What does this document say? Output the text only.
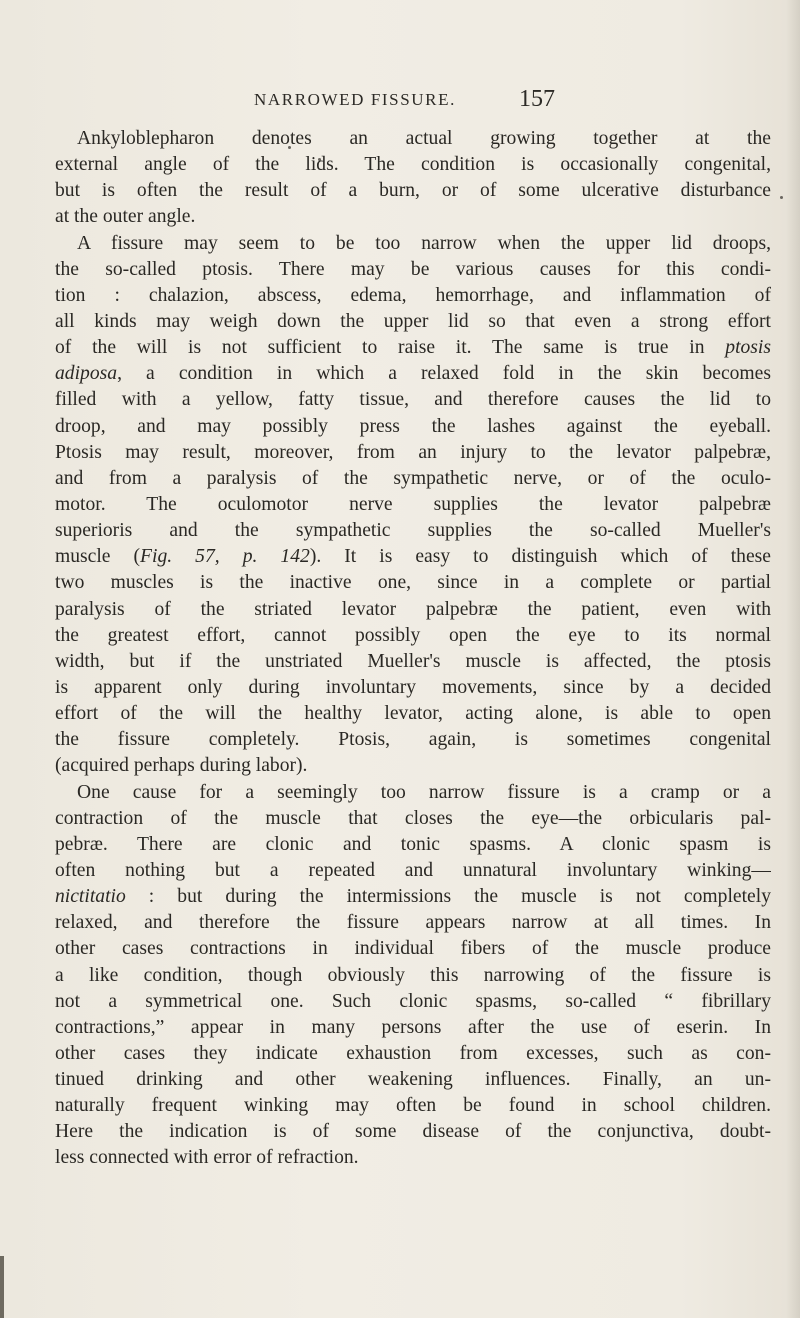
NARROWED FISSURE.	157
Ankyloblepharon denotes an actual growing together at the
external angle of the lids. The condition is occasionally congenital,
but is often the result of a burn, or of some ulcerative disturbance
at the outer angle.
A fissure may seem to be too narrow when the upper lid droops,
the so-called ptosis. There may be various causes for this condi-
tion : chalazion, abscess, edema, hemorrhage, and inflammation of
all kinds may weigh down the upper lid so that even a strong effort
of the will is not sufficient to raise it. The same is true in ptosis
adiposa, a condition in which a relaxed fold in the skin becomes
filled with a yellow, fatty tissue, and therefore causes the lid to
droop, and may possibly press the lashes against the eyeball.
Ptosis may result, moreover, from an injury to the levator palpebræ,
and from a paralysis of the sympathetic nerve, or of the oculo-
motor. The oculomotor nerve supplies the levator palpebræ
superioris and the sympathetic supplies the so-called Mueller's
muscle (Fig. 57, p. 142). It is easy to distinguish which of these
two muscles is the inactive one, since in a complete or partial
paralysis of the striated levator palpebræ the patient, even with
the greatest effort, cannot possibly open the eye to its normal
width, but if the unstriated Mueller's muscle is affected, the ptosis
is apparent only during involuntary movements, since by a decided
effort of the will the healthy levator, acting alone, is able to open
the fissure completely. Ptosis, again, is sometimes congenital
(acquired perhaps during labor).
One cause for a seemingly too narrow fissure is a cramp or a
contraction of the muscle that closes the eye—the orbicularis pal-
pebræ. There are clonic and tonic spasms. A clonic spasm is
often nothing but a repeated and unnatural involuntary winking—
nictitatio : but during the intermissions the muscle is not completely
relaxed, and therefore the fissure appears narrow at all times. In
other cases contractions in individual fibers of the muscle produce
a like condition, though obviously this narrowing of the fissure is
not a symmetrical one. Such clonic spasms, so-called “ fibrillary
contractions,” appear in many persons after the use of eserin. In
other cases they indicate exhaustion from excesses, such as con-
tinued drinking and other weakening influences. Finally, an un-
naturally frequent winking may often be found in school children.
Here the indication is of some disease of the conjunctiva, doubt-
less connected with error of refraction.
